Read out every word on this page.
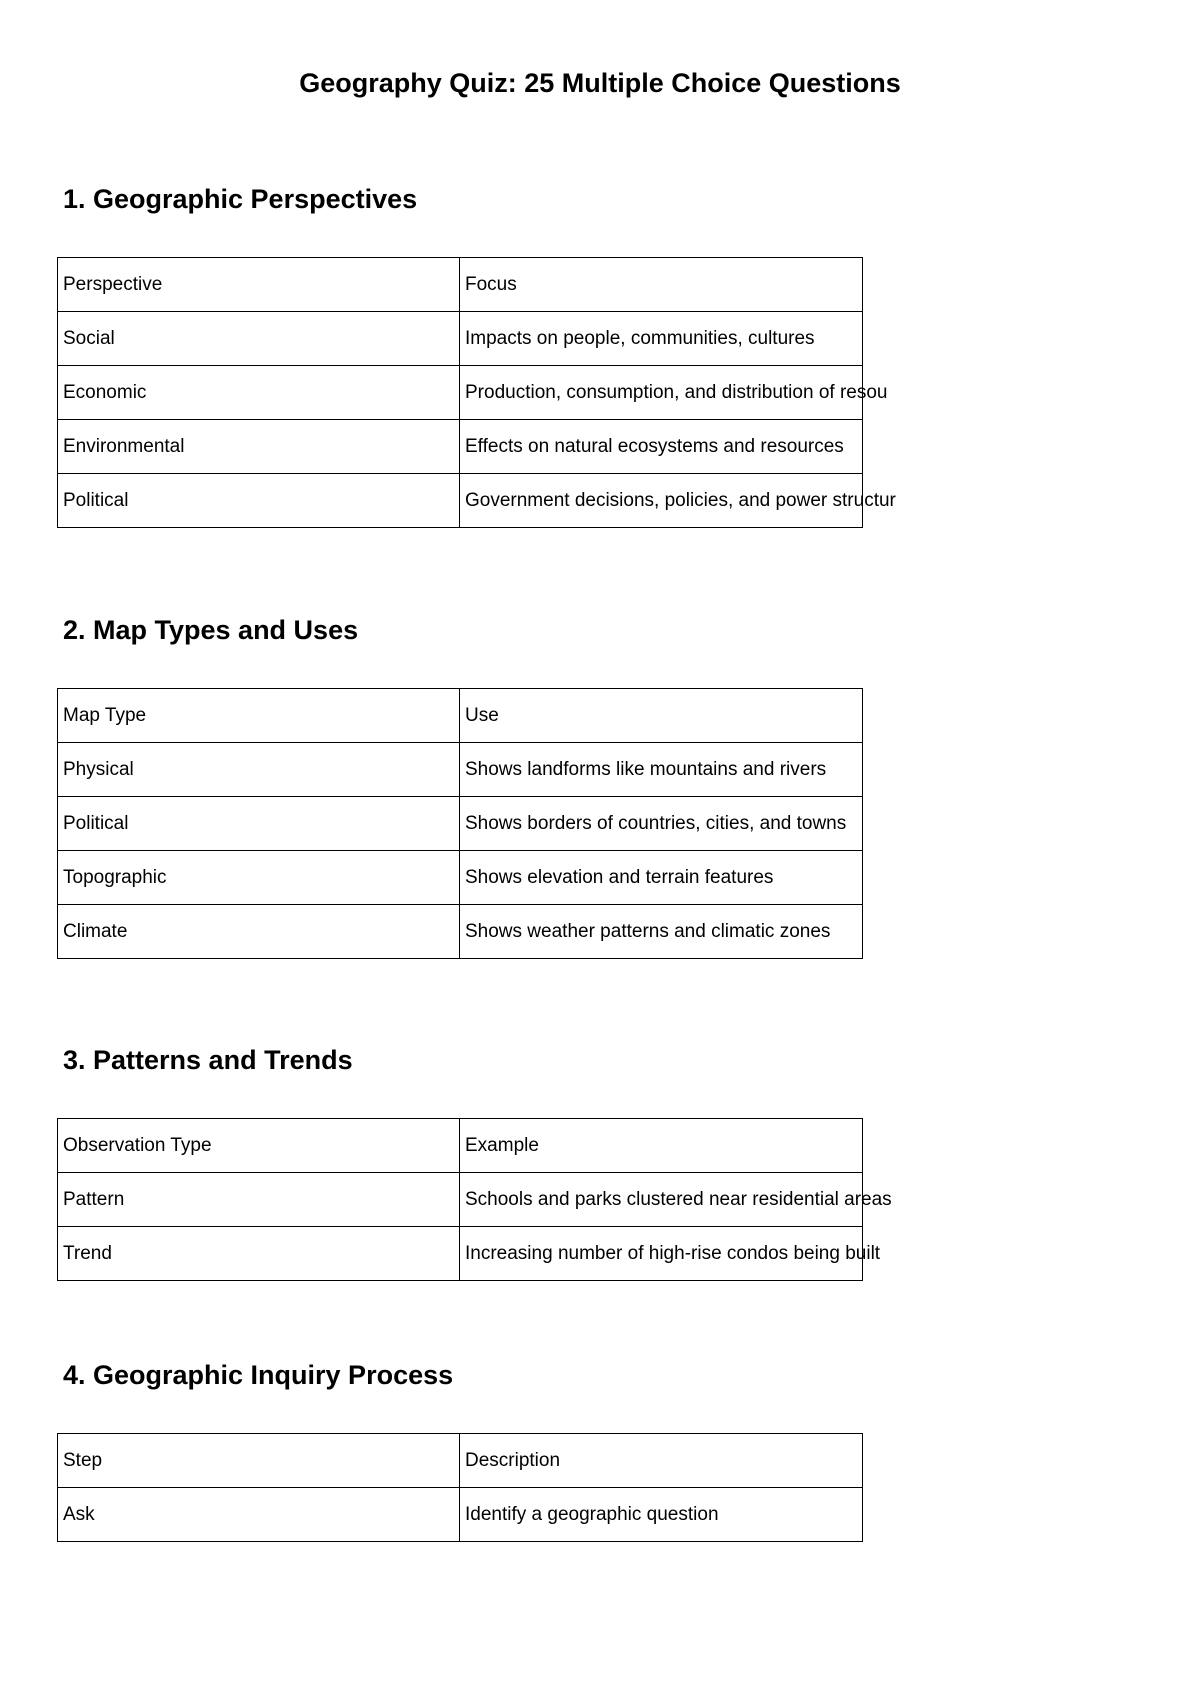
Geography Quiz: 25 Multiple Choice Questions
1. Geographic Perspectives
Perspective	Focus
Social	Impacts on people, communities, cultures
Economic	Production, consumption, and distribution of resou
Environmental	Effects on natural ecosystems and resources
Political	Government decisions, policies, and power structur
2. Map Types and Uses
Map Type	Use
Physical	Shows landforms like mountains and rivers
Political	Shows borders of countries, cities, and towns
Topographic	Shows elevation and terrain features
Climate	Shows weather patterns and climatic zones
3. Patterns and Trends
Observation Type	Example
Pattern	Schools and parks clustered near residential areas
Trend	Increasing number of high-rise condos being built
4. Geographic Inquiry Process
Step	Description
Ask	Identify a geographic question
